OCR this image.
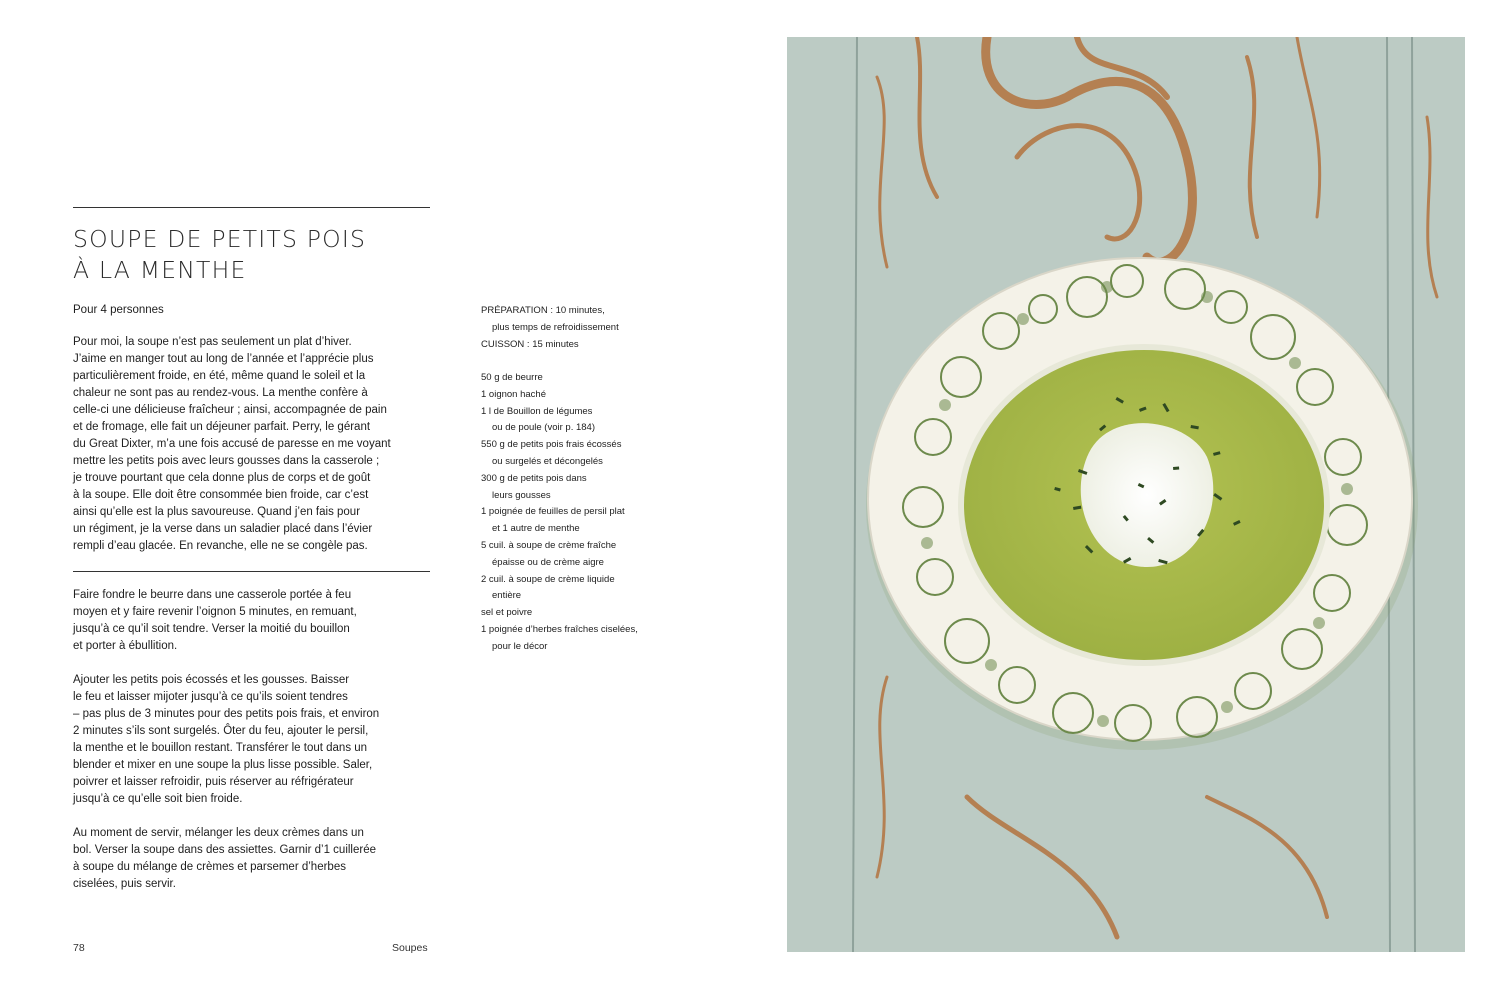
SOUPE DE PETITS POIS
À LA MENTHE

Pour 4 personnes

Pour moi, la soupe n’est pas seulement un plat d’hiver.
J’aime en manger tout au long de l’année et l’apprécie plus
particulièrement froide, en été, même quand le soleil et la
chaleur ne sont pas au rendez-vous. La menthe confère à
celle-ci une délicieuse fraîcheur ; ainsi, accompagnée de pain
et de fromage, elle fait un déjeuner parfait. Perry, le gérant
du Great Dixter, m’a une fois accusé de paresse en me voyant
mettre les petits pois avec leurs gousses dans la casserole ;
je trouve pourtant que cela donne plus de corps et de goût
à la soupe. Elle doit être consommée bien froide, car c’est
ainsi qu’elle est la plus savoureuse. Quand j’en fais pour
un régiment, je la verse dans un saladier placé dans l’évier
rempli d’eau glacée. En revanche, elle ne se congèle pas.
Faire fondre le beurre dans une casserole portée à feu
moyen et y faire revenir l’oignon 5 minutes, en remuant,
jusqu’à ce qu’il soit tendre. Verser la moitié du bouillon
et porter à ébullition.
Ajouter les petits pois écossés et les gousses. Baisser
le feu et laisser mijoter jusqu’à ce qu’ils soient tendres
– pas plus de 3 minutes pour des petits pois frais, et environ
2 minutes s’ils sont surgelés. Ôter du feu, ajouter le persil,
la menthe et le bouillon restant. Transférer le tout dans un
blender et mixer en une soupe la plus lisse possible. Saler,
poivrer et laisser refroidir, puis réserver au réfrigérateur
jusqu’à ce qu’elle soit bien froide.
Au moment de servir, mélanger les deux crèmes dans un
bol. Verser la soupe dans des assiettes. Garnir d’1 cuillerée
à soupe du mélange de crèmes et parsemer d’herbes
ciselées, puis servir.
PRÉPARATION : 10 minutes,
plus temps de refroidissement
CUISSON : 15 minutes
50 g de beurre
1 oignon haché
1 l de Bouillon de légumes
ou de poule (voir p. 184)
550 g de petits pois frais écossés
ou surgelés et décongelés
300 g de petits pois dans
leurs gousses
1 poignée de feuilles de persil plat
et 1 autre de menthe
5 cuil. à soupe de crème fraîche
épaisse ou de crème aigre
2 cuil. à soupe de crème liquide
entière
sel et poivre
1 poignée d’herbes fraîches ciselées,
pour le décor
78	Soupes
